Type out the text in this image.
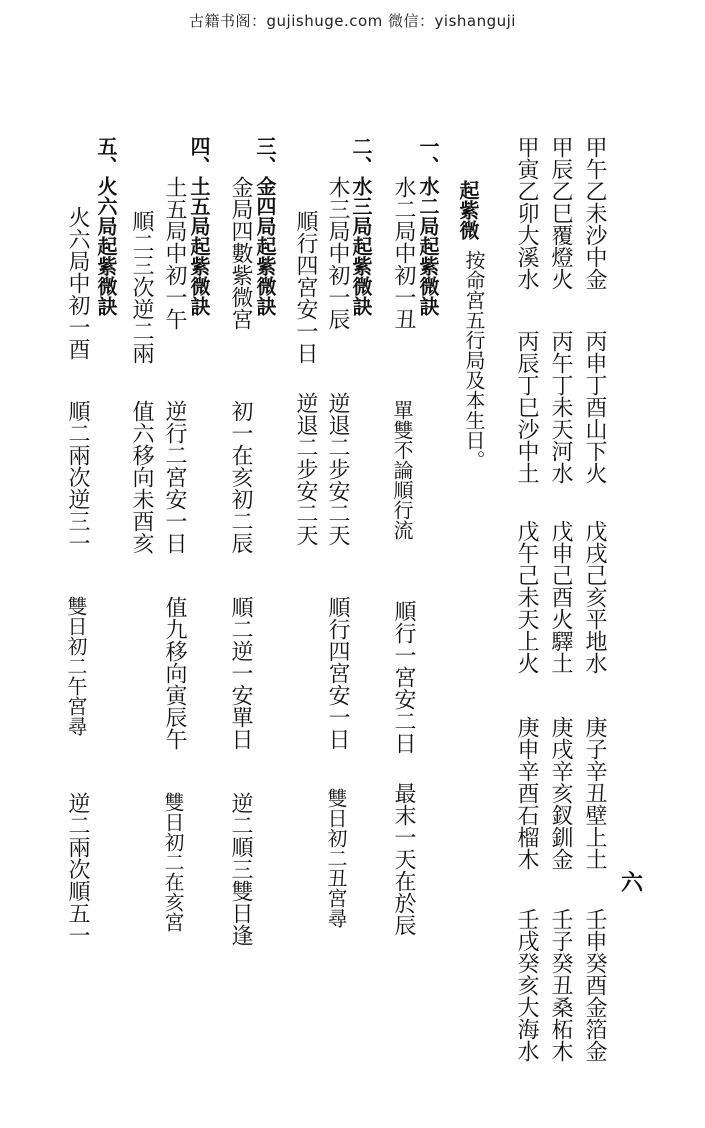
古籍书阁：gujishuge.com 微信：yishanguji
六
甲午乙未沙中金
丙申丁酉山下火
戊戌己亥平地水
庚子辛丑壁上土
壬申癸酉金箔金
甲辰乙巳覆燈火
丙午丁未天河水
戊申己酉火驛土
庚戌辛亥釵釧金
壬子癸丑桑柘木
甲寅乙卯大溪水
丙辰丁巳沙中土
戊午己未天上火
庚申辛酉石榴木
壬戌癸亥大海水
起紫微
按命宮五行局及本生日。
一、水二局起紫微訣
水二局中初一丑
單雙不論順行流
順行一宮安二日
最末一天在於辰
二、水三局起紫微訣
木三局中初一辰
逆退二步安二天
順行四宮安一日
雙日初二丑宮尋
順行四宮安一日
逆退二步安二天
三、金四局起紫微訣
金局四數紫微宮
初一在亥初二辰
順二逆一安單日
逆二順三雙日逢
四、土五局起紫微訣
土五局中初一午
逆行二宮安一日
值九移向寅辰午
雙日初二在亥宮
順二三次逆二兩
值六移向未酉亥
五、火六局起紫微訣
火六局中初一酉
順二兩次逆三一
雙日初二午宮尋
逆二兩次順五一
